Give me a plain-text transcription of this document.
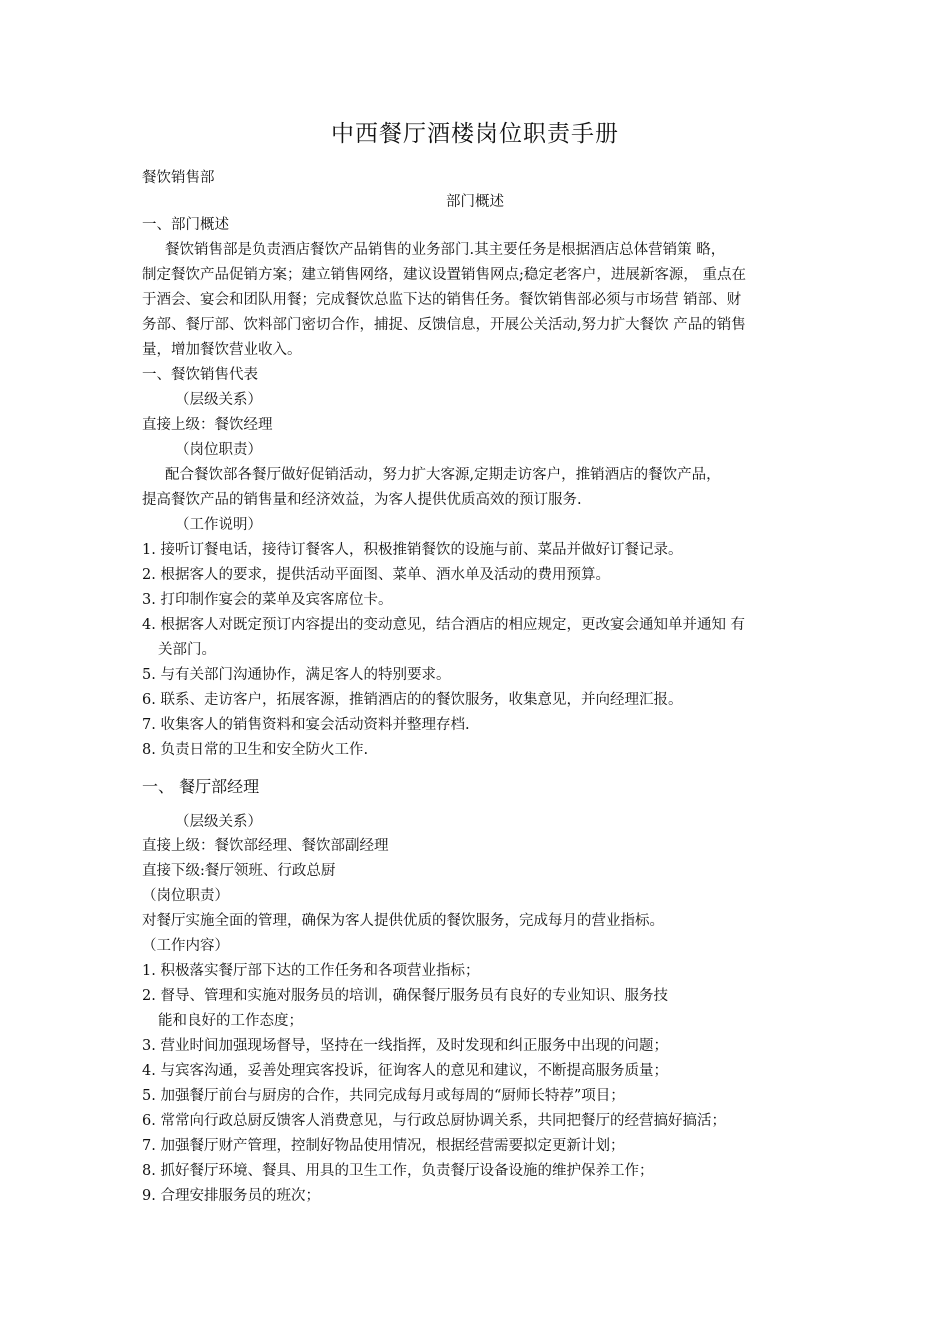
中西餐厅酒楼岗位职责手册
餐饮销售部
部门概述
一、部门概述
餐饮销售部是负责酒店餐饮产品销售的业务部门.其主要任务是根据酒店总体营销策 略，
制定餐饮产品促销方案；建立销售网络，建议设置销售网点;稳定老客户，进展新客源， 重点在
于酒会、宴会和团队用餐；完成餐饮总监下达的销售任务。餐饮销售部必须与市场营 销部、财
务部、餐厅部、饮料部门密切合作，捕捉、反馈信息，开展公关活动,努力扩大餐饮 产品的销售
量，增加餐饮营业收入。
一、餐饮销售代表
（层级关系）
直接上级：餐饮经理
（岗位职责）
配合餐饮部各餐厅做好促销活动，努力扩大客源,定期走访客户，推销酒店的餐饮产品，
提高餐饮产品的销售量和经济效益，为客人提供优质高效的预订服务.
（工作说明）
1. 接听订餐电话，接待订餐客人，积极推销餐饮的设施与前、菜品并做好订餐记录。
2. 根据客人的要求，提供活动平面图、菜单、酒水单及活动的费用预算。
3. 打印制作宴会的菜单及宾客席位卡。
4. 根据客人对既定预订内容提出的变动意见，结合酒店的相应规定，更改宴会通知单并通知 有
关部门。
5. 与有关部门沟通协作，满足客人的特别要求。
6. 联系、走访客户，拓展客源，推销酒店的的餐饮服务，收集意见，并向经理汇报。
7. 收集客人的销售资料和宴会活动资料并整理存档.
8. 负责日常的卫生和安全防火工作.
一、 餐厅部经理
（层级关系）
直接上级：餐饮部经理、餐饮部副经理
直接下级:餐厅领班、行政总厨
（岗位职责）
对餐厅实施全面的管理，确保为客人提供优质的餐饮服务，完成每月的营业指标。
（工作内容）
1. 积极落实餐厅部下达的工作任务和各项营业指标；
2. 督导、管理和实施对服务员的培训，确保餐厅服务员有良好的专业知识、服务技
能和良好的工作态度；
3. 营业时间加强现场督导，坚持在一线指挥，及时发现和纠正服务中出现的问题；
4. 与宾客沟通，妥善处理宾客投诉，征询客人的意见和建议，不断提高服务质量；
5. 加强餐厅前台与厨房的合作，共同完成每月或每周的“厨师长特荐”项目；
6. 常常向行政总厨反馈客人消费意见，与行政总厨协调关系，共同把餐厅的经营搞好搞活；
7. 加强餐厅财产管理，控制好物品使用情况，根据经营需要拟定更新计划；
8. 抓好餐厅环境、餐具、用具的卫生工作，负责餐厅设备设施的维护保养工作；
9. 合理安排服务员的班次；
